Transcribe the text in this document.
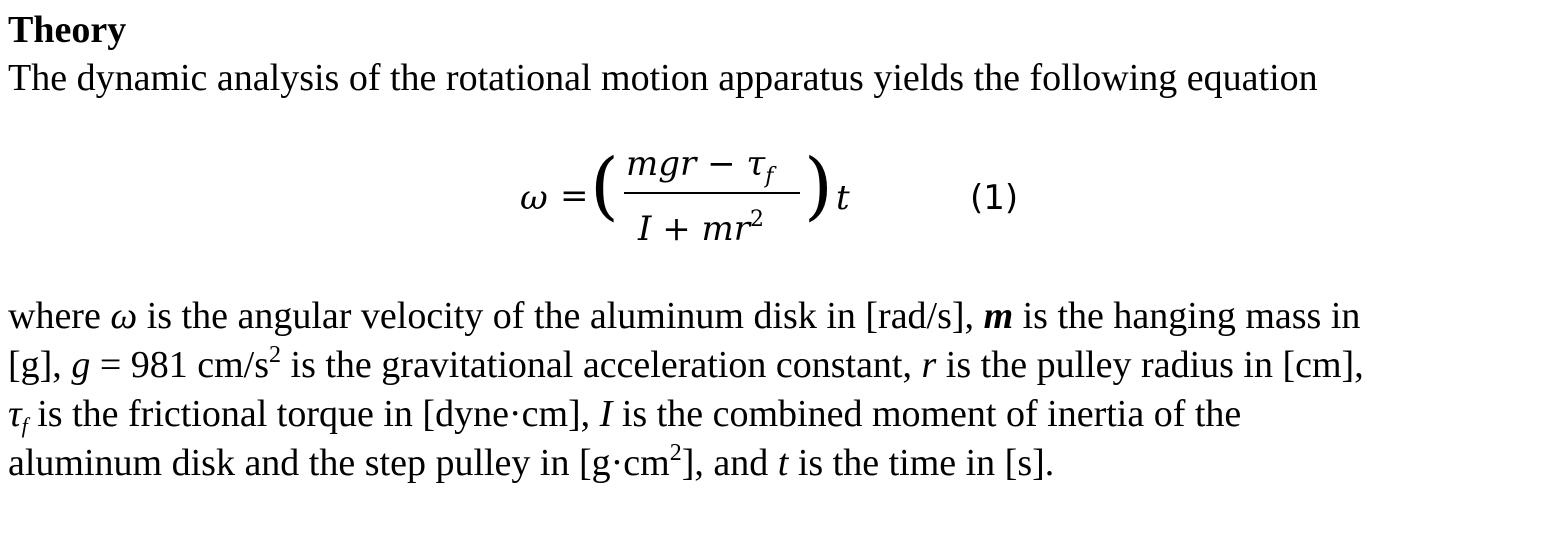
Theory
The dynamic analysis of the rotational motion apparatus yields the following equation
ω = ( mgr − $\tau_f$
$I + mr^2$ ) t	(1)
where ω is the angular velocity of the aluminum disk in [rad/s], m is the hanging mass in
[g], g = 981 $cm/s^2$ is the gravitational acceleration constant, r is the pulley radius in [cm],
τf is the frictional torque in [dyne·cm], I is the combined moment of inertia of the
aluminum disk and the step pulley in $[g\cdot cm^2]$, and t is the time in [s].
